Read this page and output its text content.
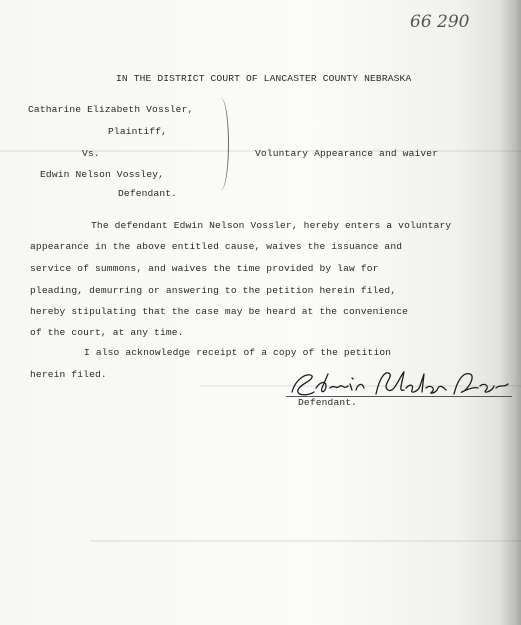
66 290
IN THE DISTRICT COURT OF LANCASTER COUNTY NEBRASKA
Catharine Elizabeth Vossler,
Plaintiff,
Vs.
Edwin Nelson Vossley,
Defendant.
Voluntary Appearance and waiver
The defendant Edwin Nelson Vossler, hereby enters a voluntary
appearance in the above entitled cause, waives the issuance and
service of summons, and waives the time provided by law for
pleading, demurring or answering to the petition herein filed,
hereby stipulating that the case may be heard at the convenience
of the court, at any time.
I also acknowledge receipt of a copy of the petition
herein filed.
Defendant.
